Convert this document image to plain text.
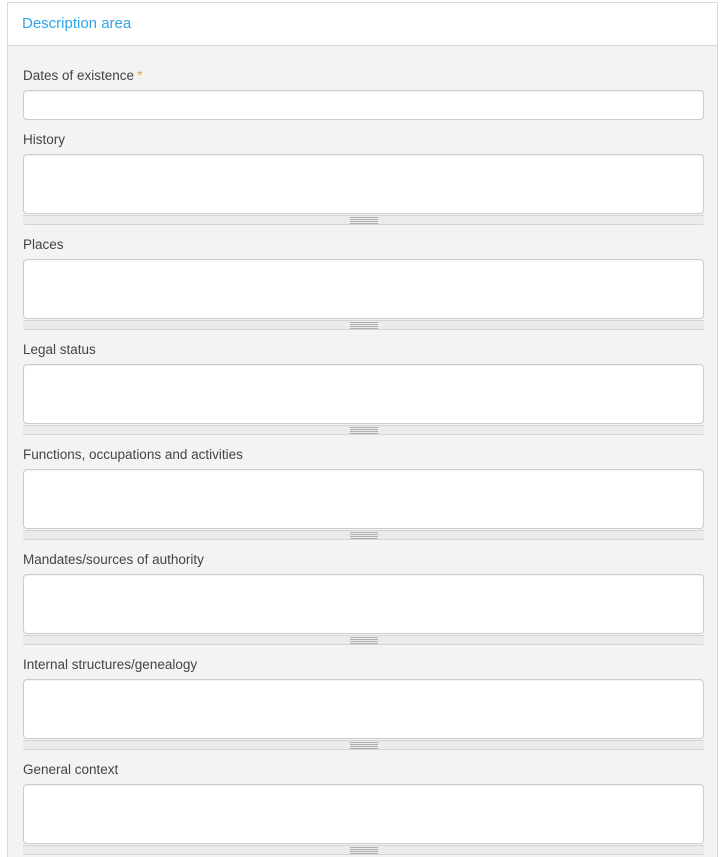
Description area
Dates of existence *
History
Places
Legal status
Functions, occupations and activities
Mandates/sources of authority
Internal structures/genealogy
General context
